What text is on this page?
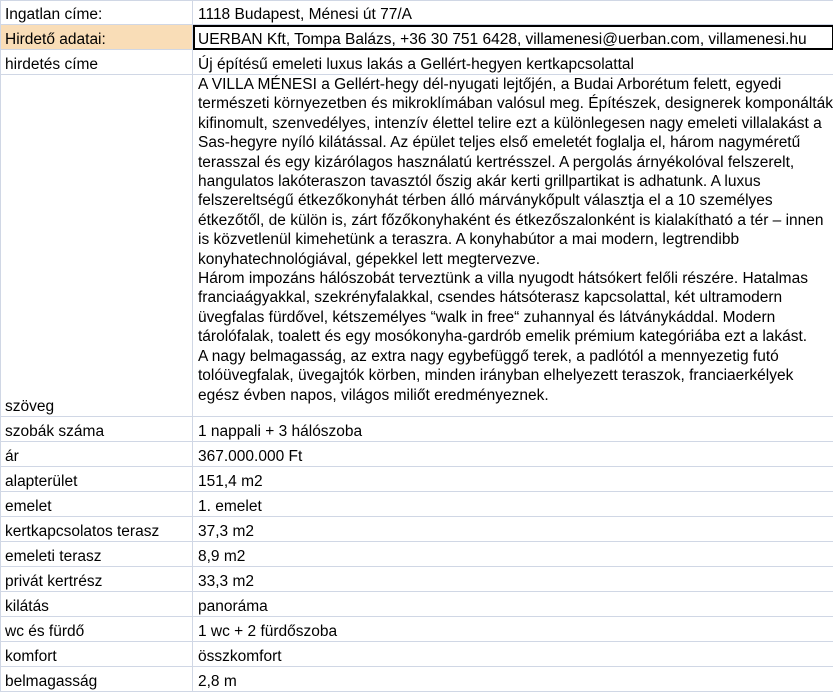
Ingatlan címe:	1118 Budapest, Ménesi út 77/A
Hirdető adatai:	UERBAN Kft, Tompa Balázs, +36 30 751 6428, villamenesi@uerban.com, villamenesi.hu
hirdetés címe	Új építésű emeleti luxus lakás a Gellért-hegyen kertkapcsolattal
szöveg	A VILLA MÉNESI a Gellért-hegy dél-nyugati lejtőjén, a Budai Arborétum felett, egyedi természeti környezetben és mikroklímában valósul meg. Építészek, designerek komponálták kifinomult, szenvedélyes, intenzív élettel telire ezt a különlegesen nagy emeleti villalakást a Sas-hegyre nyíló kilátással. Az épület teljes első emeletét foglalja el, három nagyméretű terasszal és egy kizárólagos használatú kertrésszel. A pergolás árnyékolóval felszerelt, hangulatos lakóteraszon tavasztól őszig akár kerti grillpartikat is adhatunk. A luxus felszereltségű étkezőkonyhát térben álló márványkőpult választja el a 10 személyes étkezőtől, de külön is, zárt főzőkonyhaként és étkezőszalonként is kialakítható a tér – innen is közvetlenül kimehetünk a teraszra. A konyhabútor a mai modern, legtrendibb konyhatechnológiával, gépekkel lett megtervezve.
Három impozáns hálószobát terveztünk a villa nyugodt hátsókert felőli részére. Hatalmas franciaágyakkal, szekrényfalakkal, csendes hátsóterasz kapcsolattal, két ultramodern üvegfalas fürdővel, kétszemélyes “walk in free“ zuhannyal és látványkáddal. Modern tárolófalak, toalett és egy mosókonyha-gardrób emelik prémium kategóriába ezt a lakást.
A nagy belmagasság, az extra nagy egybefüggő terek, a padlótól a mennyezetig futó tolóüvegfalak, üvegajtók körben, minden irányban elhelyezett teraszok, franciaerkélyek egész évben napos, világos miliőt eredményeznek.

szobák száma	1 nappali + 3 hálószoba
ár	367.000.000 Ft
alapterület	151,4 m2
emelet	1. emelet
kertkapcsolatos terasz	37,3 m2
emeleti terasz	8,9 m2
privát kertrész	33,3 m2
kilátás	panoráma
wc és fürdő	1 wc + 2 fürdőszoba
komfort	összkomfort
belmagasság	2,8 m
